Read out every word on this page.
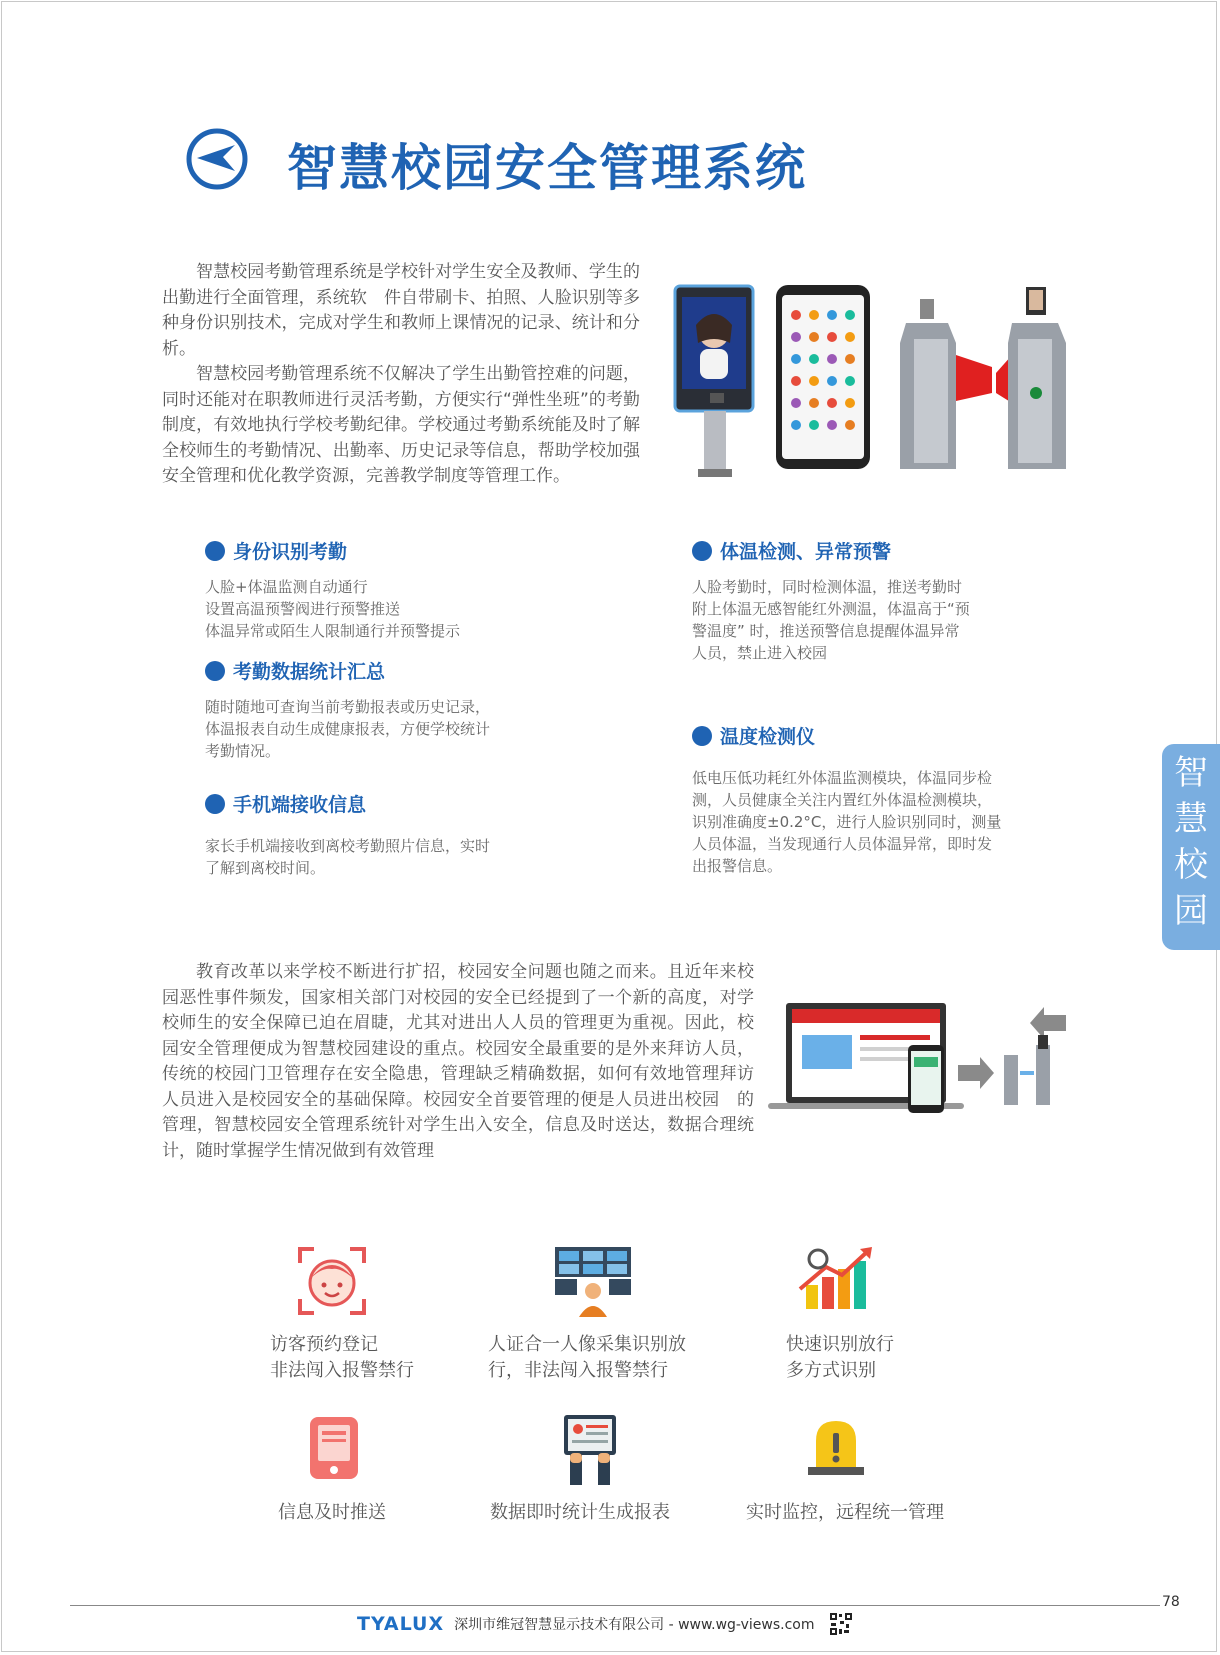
智慧校园安全管理系统

智慧校园考勤管理系统是学校针对学生安全及教师、学生的出勤进行全面管理，系统软　件自带刷卡、拍照、人脸识别等多种身份识别技术，完成对学生和教师上课情况的记录、统计和分析。

智慧校园考勤管理系统不仅解决了学生出勤管控难的问题，同时还能对在职教师进行灵活考勤，方便实行“弹性坐班”的考勤制度，有效地执行学校考勤纪律。学校通过考勤系统能及时了解全校师生的考勤情况、出勤率、历史记录等信息，帮助学校加强安全管理和优化教学资源，完善教学制度等管理工作。

身份识别考勤
人脸+体温监测自动通行
设置高温预警阀进行预警推送
体温异常或陌生人限制通行并预警提示
考勤数据统计汇总
随时随地可查询当前考勤报表或历史记录，
体温报表自动生成健康报表，方便学校统计
考勤情况。
手机端接收信息
家长手机端接收到离校考勤照片信息，实时
了解到离校时间。
体温检测、异常预警
人脸考勤时，同时检测体温，推送考勤时
附上体温无感智能红外测温，体温高于“预
警温度” 时，推送预警信息提醒体温异常
人员，禁止进入校园
温度检测仪
低电压低功耗红外体温监测模块，体温同步检
测，人员健康全关注内置红外体温检测模块，
识别准确度±0.2°C，进行人脸识别同时，测量
人员体温，当发现通行人员体温异常，即时发
出报警信息。
智
慧
校
园

教育改革以来学校不断进行扩招，校园安全问题也随之而来。且近年来校园恶性事件频发，国家相关部门对校园的安全已经提到了一个新的高度，对学校师生的安全保障已迫在眉睫，尤其对进出人人员的管理更为重视。因此，校园安全管理便成为智慧校园建设的重点。校园安全最重要的是外来拜访人员，传统的校园门卫管理存在安全隐患，管理缺乏精确数据，如何有效地管理拜访人员进入是校园安全的基础保障。校园安全首要管理的便是人员进出校园　的管理，智慧校园安全管理系统针对学生出入安全，信息及时送达，数据合理统计，随时掌握学生情况做到有效管理

访客预约登记
非法闯入报警禁行
人证合一人像采集识别放
行，非法闯入报警禁行
快速识别放行
多方式识别
信息及时推送	数据即时统计生成报表	实时监控，远程统一管理
78
TYALUX 深圳市维冠智慧显示技术有限公司 - www.wg-views.com
